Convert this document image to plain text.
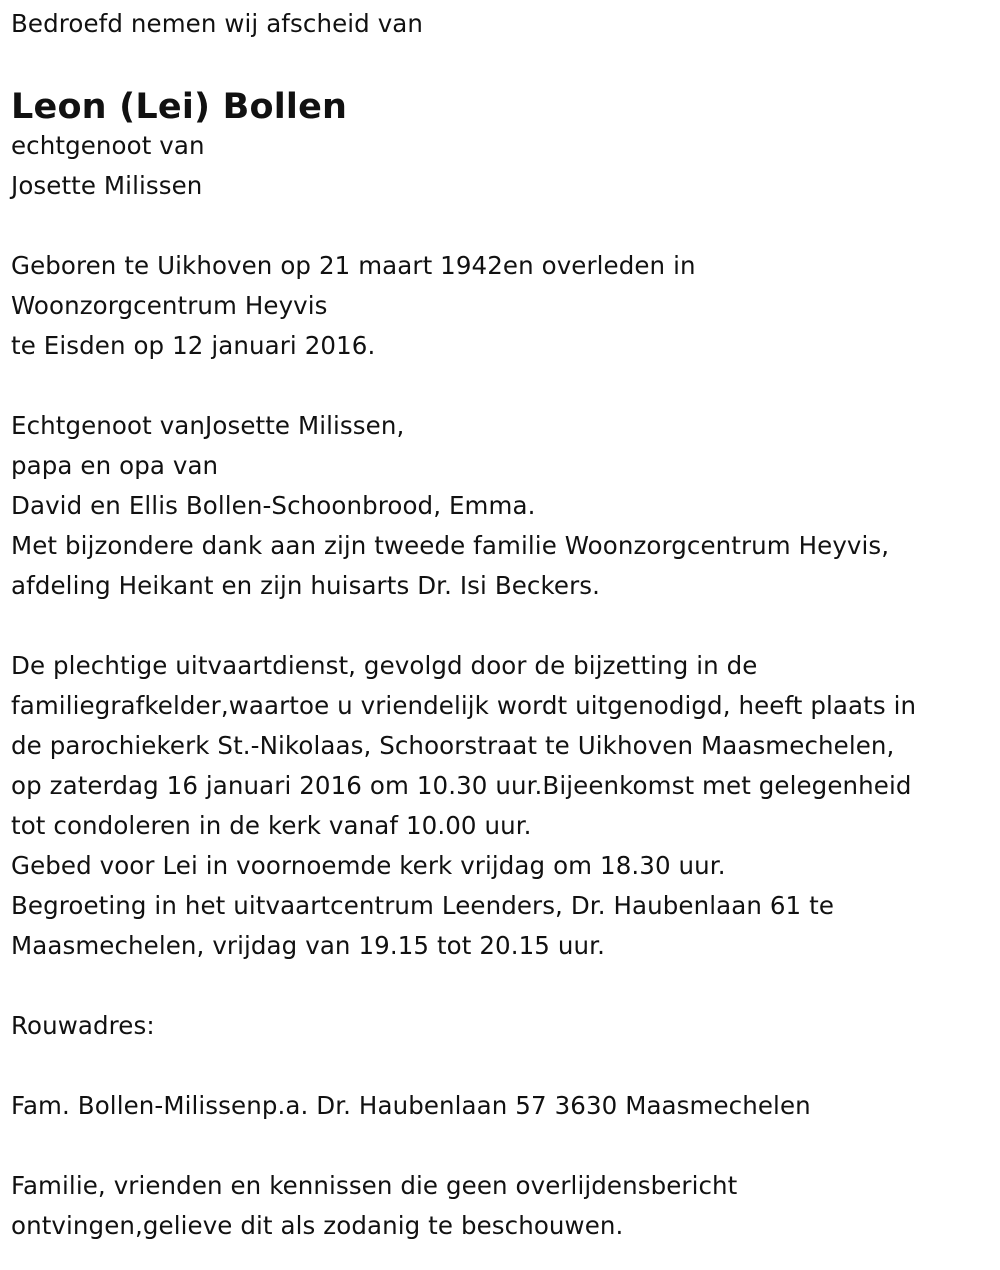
Bedroefd nemen wij afscheid van
Leon (Lei) Bollen
echtgenoot van
Josette Milissen
Geboren te Uikhoven op 21 maart 1942en overleden in
Woonzorgcentrum Heyvis
te Eisden op 12 januari 2016.
Echtgenoot vanJosette Milissen,
papa en opa van
David en Ellis Bollen-Schoonbrood, Emma.
Met bijzondere dank aan zijn tweede familie Woonzorgcentrum Heyvis,
afdeling Heikant en zijn huisarts Dr. Isi Beckers.
De plechtige uitvaartdienst, gevolgd door de bijzetting in de
familiegrafkelder,waartoe u vriendelijk wordt uitgenodigd, heeft plaats in
de parochiekerk St.-Nikolaas, Schoorstraat te Uikhoven Maasmechelen,
op zaterdag 16 januari 2016 om 10.30 uur.Bijeenkomst met gelegenheid
tot condoleren in de kerk vanaf 10.00 uur.
Gebed voor Lei in voornoemde kerk vrijdag om 18.30 uur.
Begroeting in het uitvaartcentrum Leenders, Dr. Haubenlaan 61 te
Maasmechelen, vrijdag van 19.15 tot 20.15 uur.
Rouwadres:
Fam. Bollen-Milissenp.a. Dr. Haubenlaan 57 3630 Maasmechelen
Familie, vrienden en kennissen die geen overlijdensbericht
ontvingen,gelieve dit als zodanig te beschouwen.
